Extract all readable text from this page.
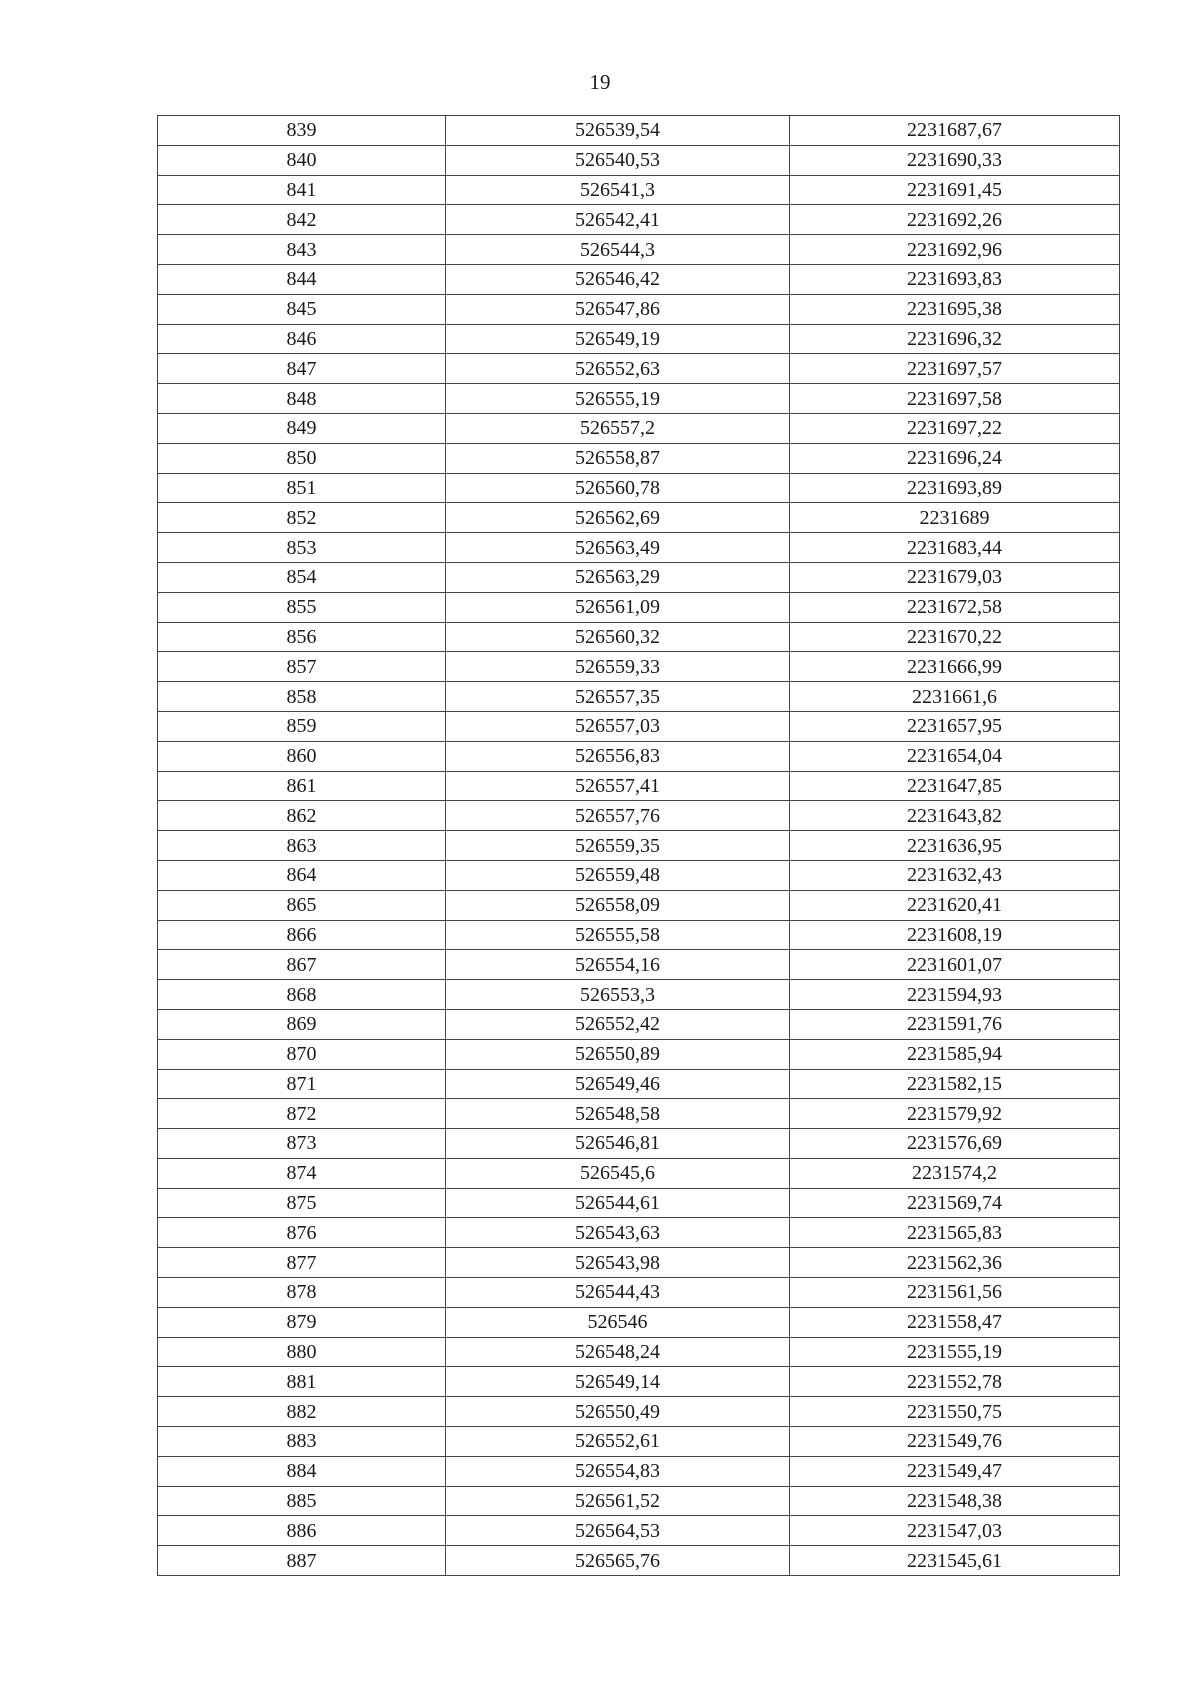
19
839	526539,54	2231687,67
840	526540,53	2231690,33
841	526541,3	2231691,45
842	526542,41	2231692,26
843	526544,3	2231692,96
844	526546,42	2231693,83
845	526547,86	2231695,38
846	526549,19	2231696,32
847	526552,63	2231697,57
848	526555,19	2231697,58
849	526557,2	2231697,22
850	526558,87	2231696,24
851	526560,78	2231693,89
852	526562,69	2231689
853	526563,49	2231683,44
854	526563,29	2231679,03
855	526561,09	2231672,58
856	526560,32	2231670,22
857	526559,33	2231666,99
858	526557,35	2231661,6
859	526557,03	2231657,95
860	526556,83	2231654,04
861	526557,41	2231647,85
862	526557,76	2231643,82
863	526559,35	2231636,95
864	526559,48	2231632,43
865	526558,09	2231620,41
866	526555,58	2231608,19
867	526554,16	2231601,07
868	526553,3	2231594,93
869	526552,42	2231591,76
870	526550,89	2231585,94
871	526549,46	2231582,15
872	526548,58	2231579,92
873	526546,81	2231576,69
874	526545,6	2231574,2
875	526544,61	2231569,74
876	526543,63	2231565,83
877	526543,98	2231562,36
878	526544,43	2231561,56
879	526546	2231558,47
880	526548,24	2231555,19
881	526549,14	2231552,78
882	526550,49	2231550,75
883	526552,61	2231549,76
884	526554,83	2231549,47
885	526561,52	2231548,38
886	526564,53	2231547,03
887	526565,76	2231545,61
